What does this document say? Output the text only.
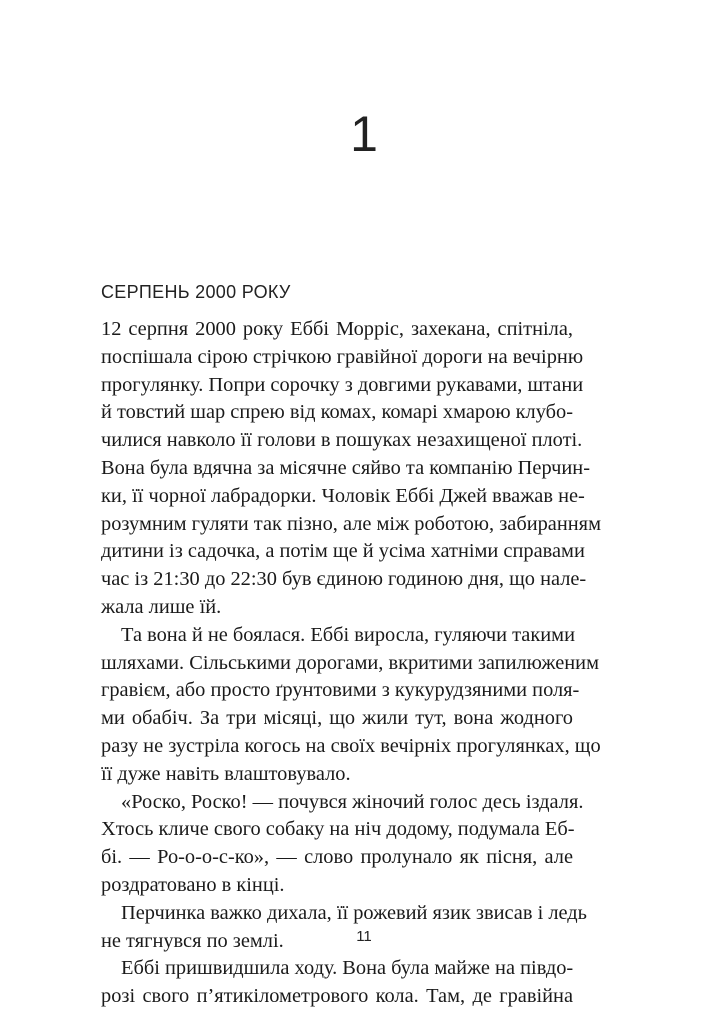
1
СЕРПЕНЬ 2000 РОКУ
12 серпня 2000 року Еббі Морріс, захекана, спітніла,
поспішала сірою стрічкою гравійної дороги на вечірню
прогулянку. Попри сорочку з довгими рукавами, штани
й товстий шар спрею від комах, комарі хмарою клубо-
чилися навколо її голови в пошуках незахищеної плоті.
Вона була вдячна за місячне сяйво та компанію Перчин-
ки, її чорної лабрадорки. Чоловік Еббі Джей вважав не-
розумним гуляти так пізно, але між роботою, забиранням
дитини із садочка, а потім ще й усіма хатніми справами
час із 21:30 до 22:30 був єдиною годиною дня, що нале-
жала лише їй.
Та вона й не боялася. Еббі виросла, гуляючи такими
шляхами. Сільськими дорогами, вкритими запилюженим
гравієм, або просто ґрунтовими з кукурудзяними поля-
ми обабіч. За три місяці, що жили тут, вона жодного
разу не зустріла когось на своїх вечірніх прогулянках, що
її дуже навіть влаштовувало.
«Роско, Роско! — почувся жіночий голос десь іздаля.
Хтось кличе свого собаку на ніч додому, подумала Еб-
бі. — Ро-о-о-с-ко», — слово пролунало як пісня, але
роздратовано в кінці.
Перчинка важко дихала, її рожевий язик звисав і ледь
не тягнувся по землі.
Еббі пришвидшила ходу. Вона була майже на півдо-
розі свого п’ятикілометрового кола. Там, де гравійна
11
